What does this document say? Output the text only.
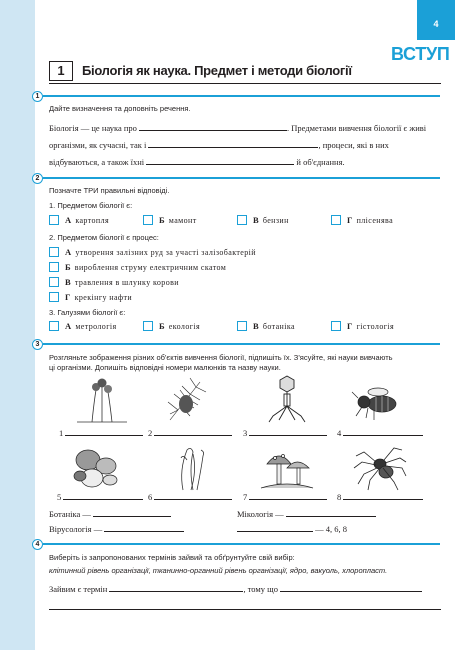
4
ВСТУП
1	Біологія як наука. Предмет і методи біології
1
Дайте визначення та доповніть речення.
Біологія — це наука про	. Предметами вивчення біології є живі
організми, як сучасні, так і	, процеси, які в них
відбуваються, а також їхні	й об'єднання.
2
Позначте ТРИ правильні відповіді.
1. Предметом біології є:
А картопля	Б мамонт	В бензин	Г плісенява
2. Предметом біології є процес:
А утворення залізних руд за участі залізобактерій
Б вироблення струму електричним скатом
В травлення в шлунку корови
Г крекінгу нафти
3. Галузями біології є:
А метрологія	Б екологія	В ботаніка	Г гістологія
3
Розгляньте зображення різних об'єктів вивчення біології, підпишіть їх. З'ясуйте, які науки вивчають
ці організми. Допишіть відповідні номери малюнків та назву науки.
1	2	3	4
5	6	7	8
Ботаніка —
Вірусологія —
Мікологія —
— 4, 6, 8
4
Виберіть із запропонованих термінів зайвий та обґрунтуйте свій вибір:
клітинний рівень організації, тканинно-органний рівень організації, ядро, вакуоль, хлоропласт.
Зайвим є термін	, тому що
